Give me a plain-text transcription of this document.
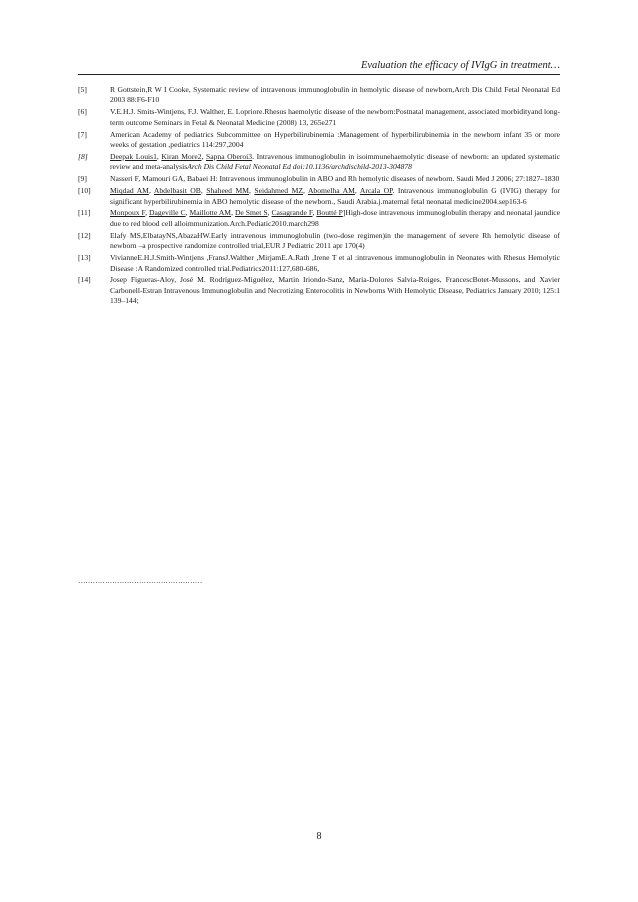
Evaluation the efficacy of IVIgG in treatment…
[5]	R Gottstein,R W I Cooke, Systematic review of intravenous immunoglobulin in hemolytic disease of newborn,Arch Dis Child Fetal Neonatal Ed 2003 88:F6-F10
[6]	V.E.H.J. Smits-Wintjens, F.J. Walther, E. Lopriore.Rhesus haemolytic disease of the newborn:Postnatal management, associated morbidityand long-term outcome Seminars in Fetal & Neonatal Medicine (2008) 13, 265e271
[7]	American Academy of pediatrics Subcommittee on Hyperbilirubinemia :Management of hyperbilirubinemia in the newborn infant 35 or more weeks of gestation ,pediatrics 114:297,2004
[8]	Deepak Louis1, Kiran More2, Sapna Oberoi3. Intravenous immunoglobulin in isoimmunehaemolytic disease of newborn: an updated systematic review and meta-analysisArch Dis Child Fetal Neonatal Ed doi:10.1136/archdischild-2013-304878
[9]	Nasseri F, Mamouri GA, Babaei H: Intravenous immunoglobulin in ABO and Rh hemolytic diseases of newborn. Saudi Med J 2006; 27:1827–1830
[10]	Miqdad AM, Abdelbasit OB, Shaheed MM, Seidahmed MZ, Abomelha AM, Arcala OP. Intravenous immunoglobulin G (IVIG) therapy for significant hyperbilirubinemia in ABO hemolytic disease of the newborn., Saudi Arabia.j.maternal fetal neonatal medicine2004.sep163-6
[11]	Monpoux F, Dageville C, Maillotte AM, De Smet S, Casagrande F, Boutté P]High-dose intravenous immunoglobulin therapy and neonatal jaundice due to red blood cell alloimmunization.Arch.Pediatic2010.march298
[12]	Elafy MS,ElbatayNS,AbazaHW.Early intravenous immunoglobulin (two-dose regimen)in the management of severe Rh hemolytic disease of newborn –a prospective randomize controlled trial,EUR J Pediatric 2011 apr 170(4)
[13]	VivianneE.H.J.Smith-Wintjens ,FransJ.Walther ,MirjamE.A.Rath ,Irene T et al :intravenous immunoglobulin in Neonates with Rhesus Hemolytic Disease :A Randomized controlled trial.Pediatrics2011:127,680-686,
[14]	Josep Figueras-Aloy, José M. Rodríguez-Miguélez, Martin Iriondo-Sanz, María-Dolores Salvia-Roiges, FrancescBotet-Mussons, and Xavier Carbonell-Estran Intravenous Immunoglobulin and Necrotizing Enterocolitis in Newborns With Hemolytic Disease, Pediatrics January 2010; 125:1 139–144;
……………………………………………
8
